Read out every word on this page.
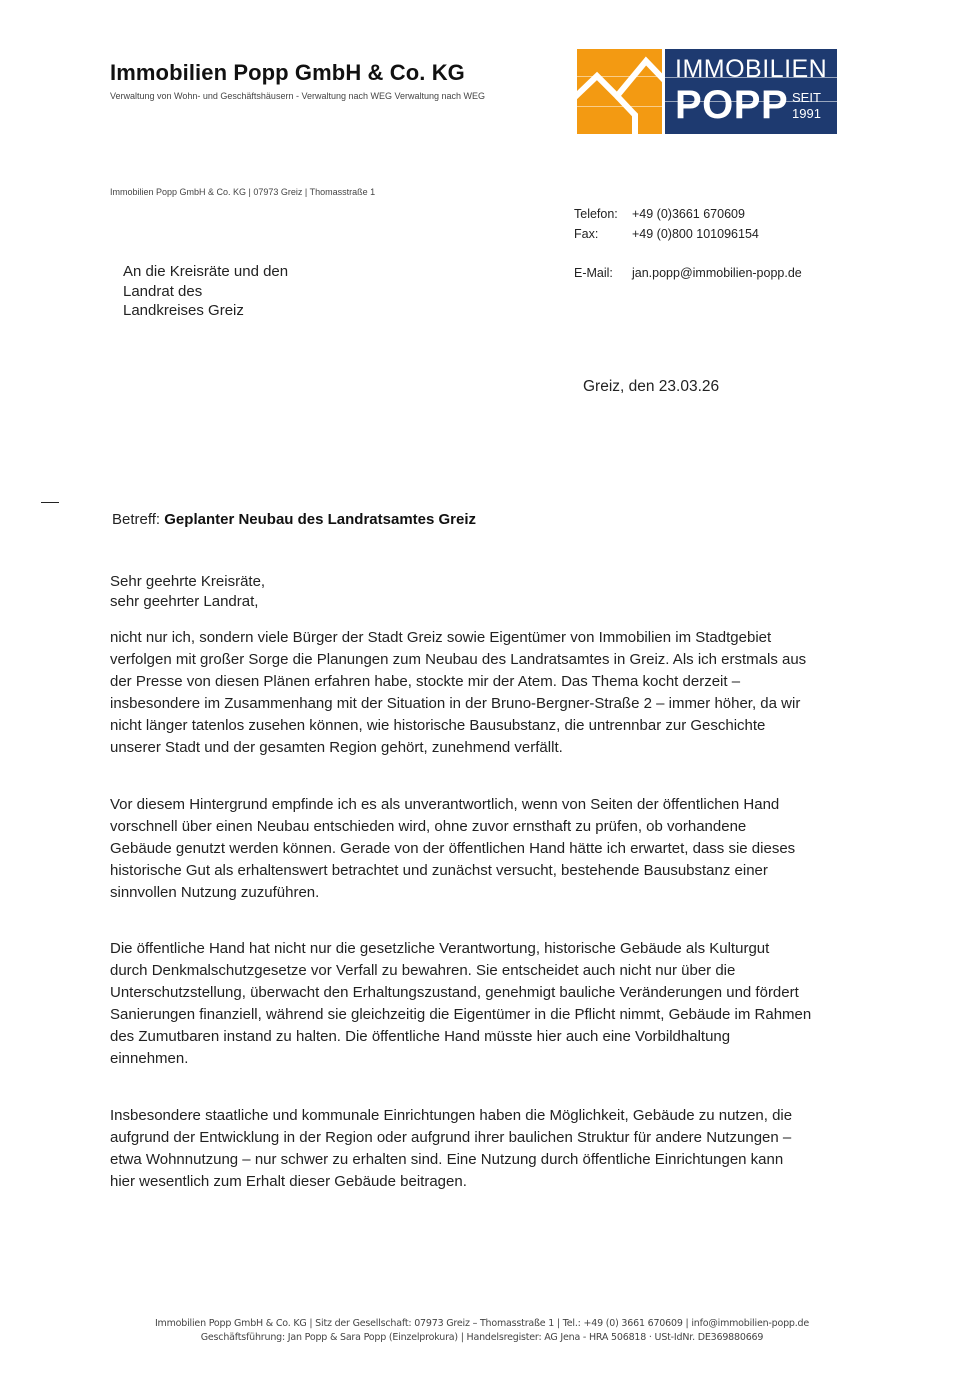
Immobilien Popp GmbH & Co. KG
Verwaltung von Wohn- und Geschäftshäusern - Verwaltung nach WEG Verwaltung nach WEG
IMMOBILIEN
POPP SEIT
1991
Immobilien Popp GmbH & Co. KG | 07973 Greiz | Thomasstraße 1
Telefon:	+49 (0)3661 670609
Fax:	+49 (0)800 101096154
E-Mail:	jan.popp@immobilien-popp.de
An die Kreisräte und den
Landrat des
Landkreises Greiz
Greiz, den 23.03.26
Betreff: Geplanter Neubau des Landratsamtes Greiz
Sehr geehrte Kreisräte,
sehr geehrter Landrat,
nicht nur ich, sondern viele Bürger der Stadt Greiz sowie Eigentümer von Immobilien im Stadtgebiet
verfolgen mit großer Sorge die Planungen zum Neubau des Landratsamtes in Greiz. Als ich erstmals aus
der Presse von diesen Plänen erfahren habe, stockte mir der Atem. Das Thema kocht derzeit –
insbesondere im Zusammenhang mit der Situation in der Bruno-Bergner-Straße 2 – immer höher, da wir
nicht länger tatenlos zusehen können, wie historische Bausubstanz, die untrennbar zur Geschichte
unserer Stadt und der gesamten Region gehört, zunehmend verfällt.
Vor diesem Hintergrund empfinde ich es als unverantwortlich, wenn von Seiten der öffentlichen Hand
vorschnell über einen Neubau entschieden wird, ohne zuvor ernsthaft zu prüfen, ob vorhandene
Gebäude genutzt werden können. Gerade von der öffentlichen Hand hätte ich erwartet, dass sie dieses
historische Gut als erhaltenswert betrachtet und zunächst versucht, bestehende Bausubstanz einer
sinnvollen Nutzung zuzuführen.
Die öffentliche Hand hat nicht nur die gesetzliche Verantwortung, historische Gebäude als Kulturgut
durch Denkmalschutzgesetze vor Verfall zu bewahren. Sie entscheidet auch nicht nur über die
Unterschutzstellung, überwacht den Erhaltungszustand, genehmigt bauliche Veränderungen und fördert
Sanierungen finanziell, während sie gleichzeitig die Eigentümer in die Pflicht nimmt, Gebäude im Rahmen
des Zumutbaren instand zu halten. Die öffentliche Hand müsste hier auch eine Vorbildhaltung
einnehmen.
Insbesondere staatliche und kommunale Einrichtungen haben die Möglichkeit, Gebäude zu nutzen, die
aufgrund der Entwicklung in der Region oder aufgrund ihrer baulichen Struktur für andere Nutzungen –
etwa Wohnnutzung – nur schwer zu erhalten sind. Eine Nutzung durch öffentliche Einrichtungen kann
hier wesentlich zum Erhalt dieser Gebäude beitragen.
Immobilien Popp GmbH & Co. KG | Sitz der Gesellschaft: 07973 Greiz – Thomasstraße 1 | Tel.: +49 (0) 3661 670609 | info@immobilien-popp.de
Geschäftsführung: Jan Popp & Sara Popp (Einzelprokura) | Handelsregister: AG Jena - HRA 506818 · USt-IdNr. DE369880669
